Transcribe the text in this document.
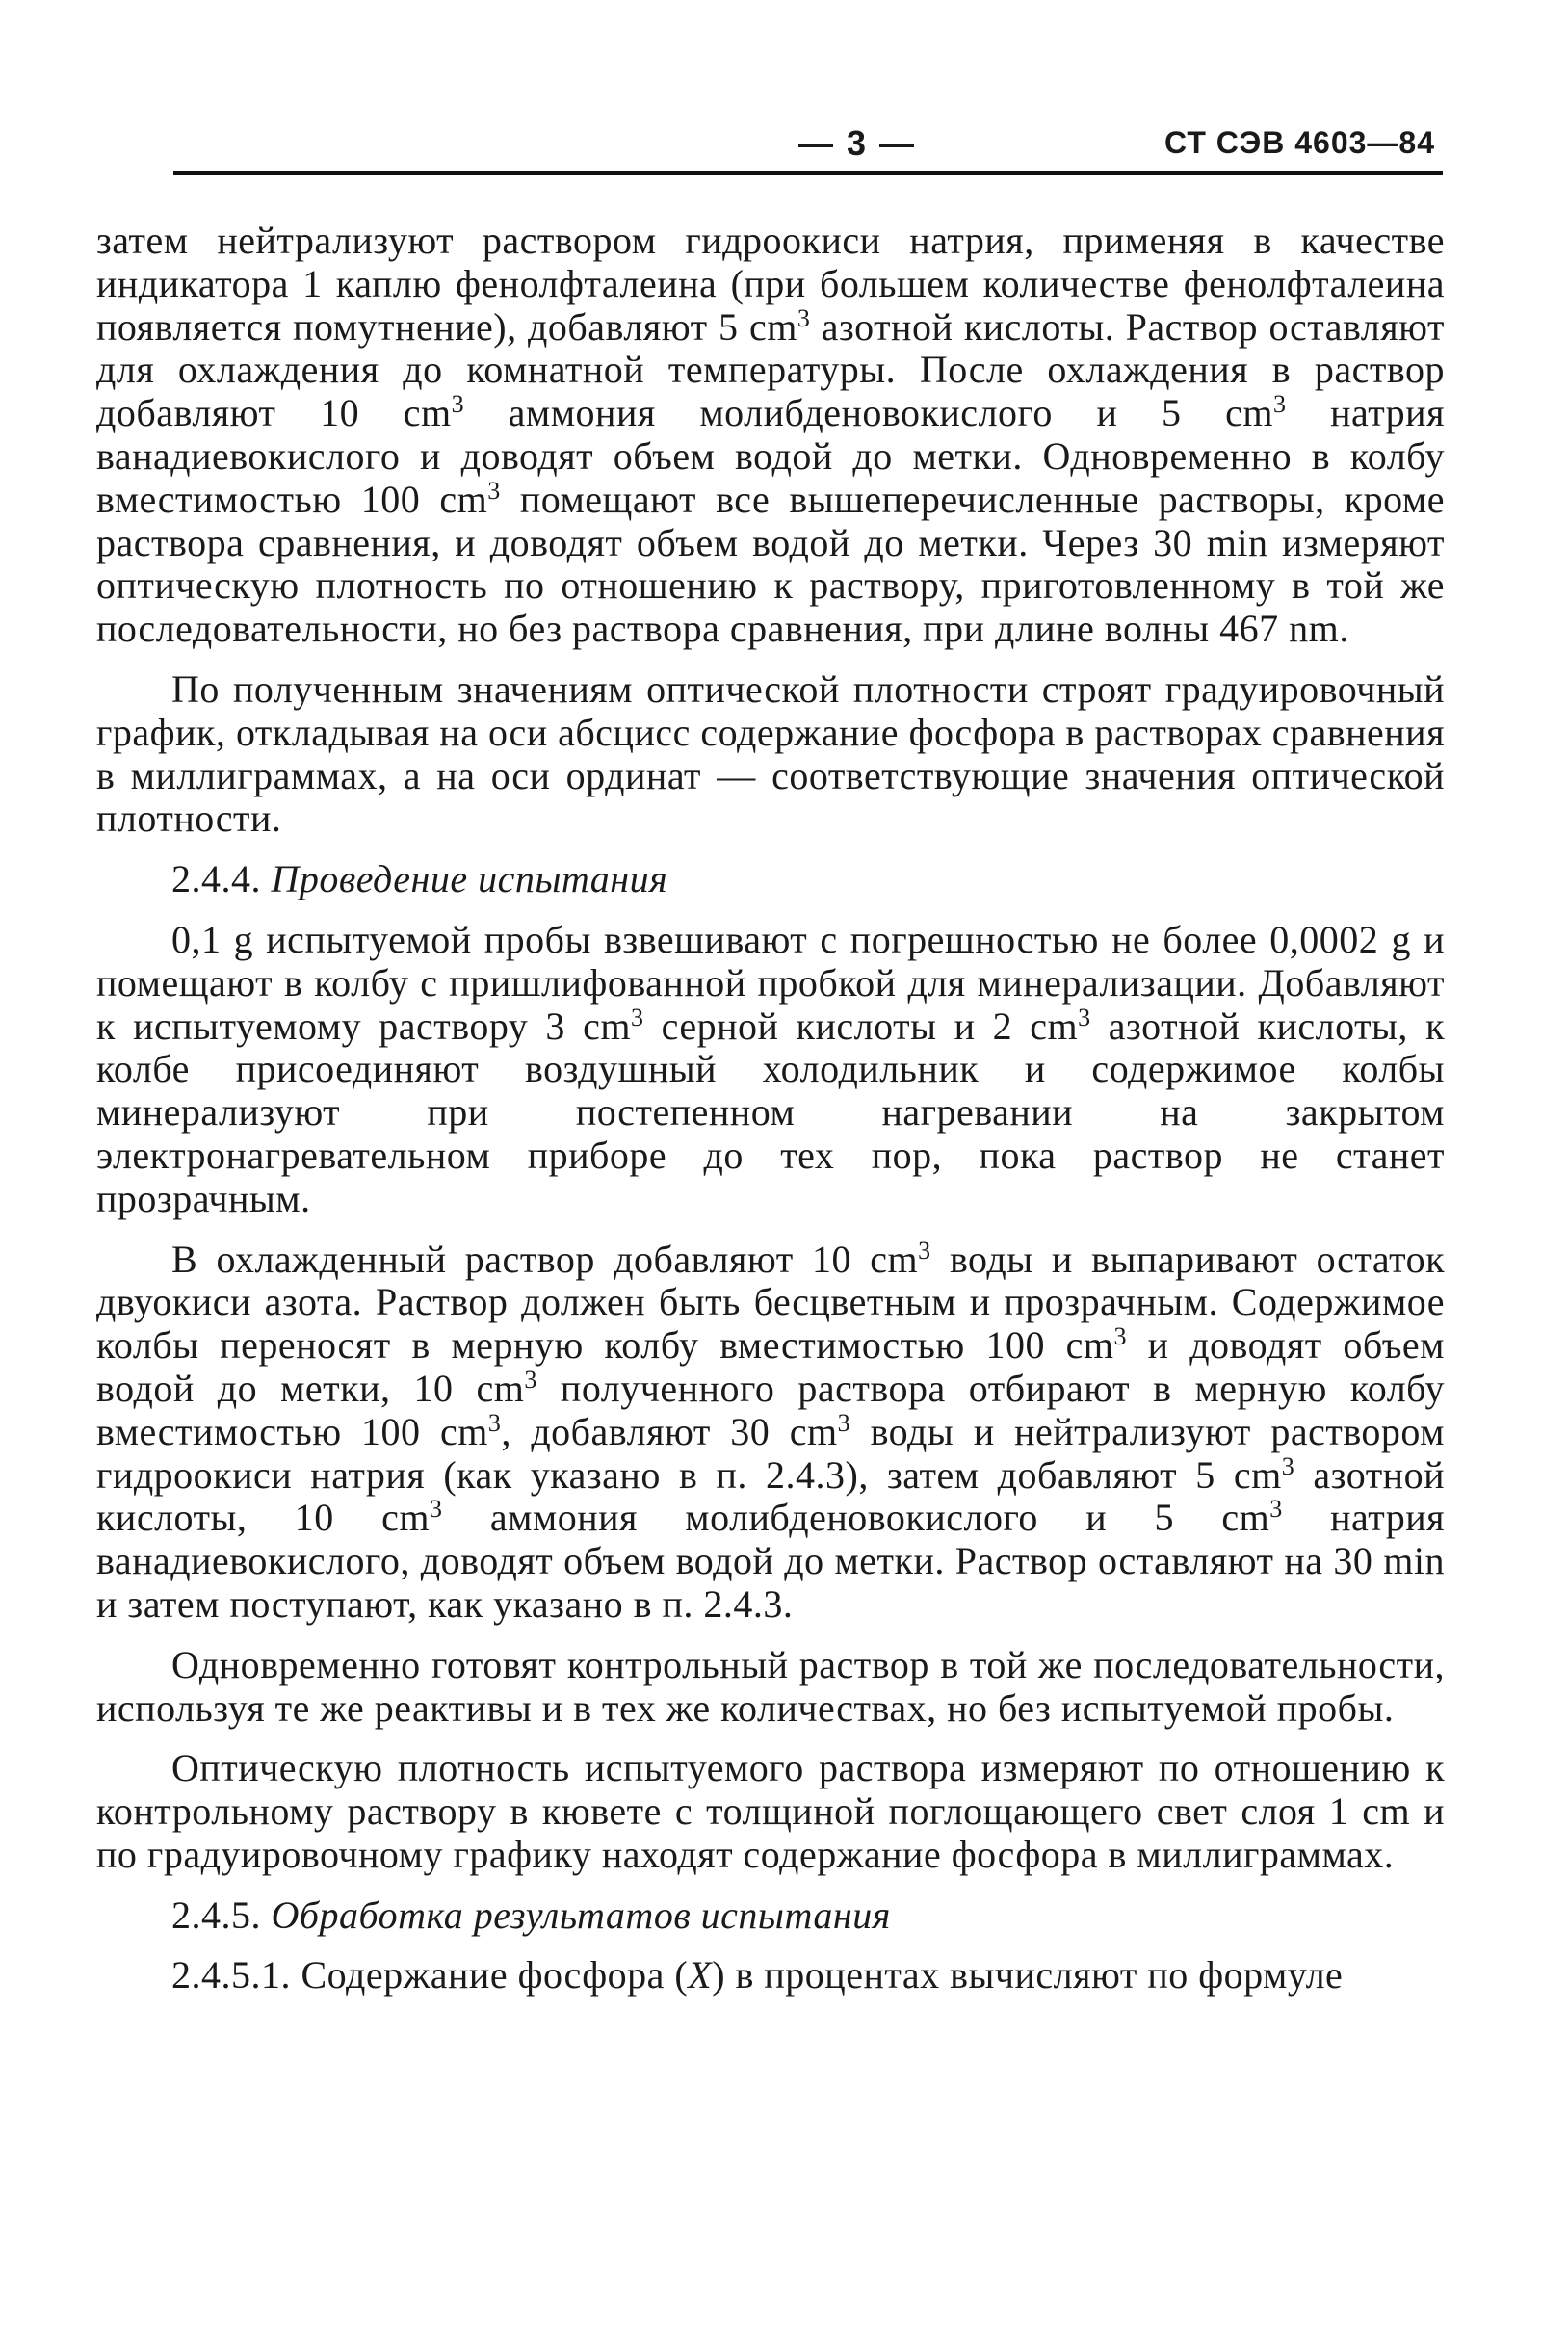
— 3 —	СТ СЭВ 4603—84

затем нейтрализуют раствором гидроокиси натрия, применяя в качестве индикатора 1 каплю фенолфталеина (при большем количестве фенолфталеина появляется помутнение), добавляют 5 $cm^3$ азотной кислоты. Раствор оставляют для охлаждения до комнатной температуры. После охлаждения в раствор добавляют 10 $cm^3$ аммония молибденовокислого и 5 $cm^3$ натрия ванадиевокислого и доводят объем водой до метки. Одновременно в колбу вместимостью 100 $cm^3$ помещают все вышеперечисленные растворы, кроме раствора сравнения, и доводят объем водой до метки. Через 30 min измеряют оптическую плотность по отношению к раствору, приготовленному в той же последовательности, но без раствора сравнения, при длине волны 467 nm.

По полученным значениям оптической плотности строят градуировочный график, откладывая на оси абсцисс содержание фосфора в растворах сравнения в миллиграммах, а на оси ординат — соответствующие значения оптической плотности.

2.4.4. Проведение испытания

0,1 g испытуемой пробы взвешивают с погрешностью не более 0,0002 g и помещают в колбу с пришлифованной пробкой для минерализации. Добавляют к испытуемому раствору 3 $cm^3$ серной кислоты и 2 $cm^3$ азотной кислоты, к колбе присоединяют воздушный холодильник и содержимое колбы минерализуют при постепенном нагревании на закрытом электронагревательном приборе до тех пор, пока раствор не станет прозрачным.

В охлажденный раствор добавляют 10 $cm^3$ воды и выпаривают остаток двуокиси азота. Раствор должен быть бесцветным и прозрачным. Содержимое колбы переносят в мерную колбу вместимостью 100 $cm^3$ и доводят объем водой до метки, 10 $cm^3$ полученного раствора отбирают в мерную колбу вместимостью 100 $cm^3$, добавляют 30 $cm^3$ воды и нейтрализуют раствором гидроокиси натрия (как указано в п. 2.4.3), затем добавляют 5 $cm^3$ азотной кислоты, 10 $cm^3$ аммония молибденовокислого и 5 $cm^3$ натрия ванадиевокислого, доводят объем водой до метки. Раствор оставляют на 30 min и затем поступают, как указано в п. 2.4.3.

Одновременно готовят контрольный раствор в той же последовательности, используя те же реактивы и в тех же количествах, но без испытуемой пробы.

Оптическую плотность испытуемого раствора измеряют по отношению к контрольному раствору в кювете с толщиной поглощающего свет слоя 1 cm и по градуировочному графику находят содержание фосфора в миллиграммах.

2.4.5. Обработка результатов испытания

2.4.5.1. Содержание фосфора (X) в процентах вычисляют по формуле
